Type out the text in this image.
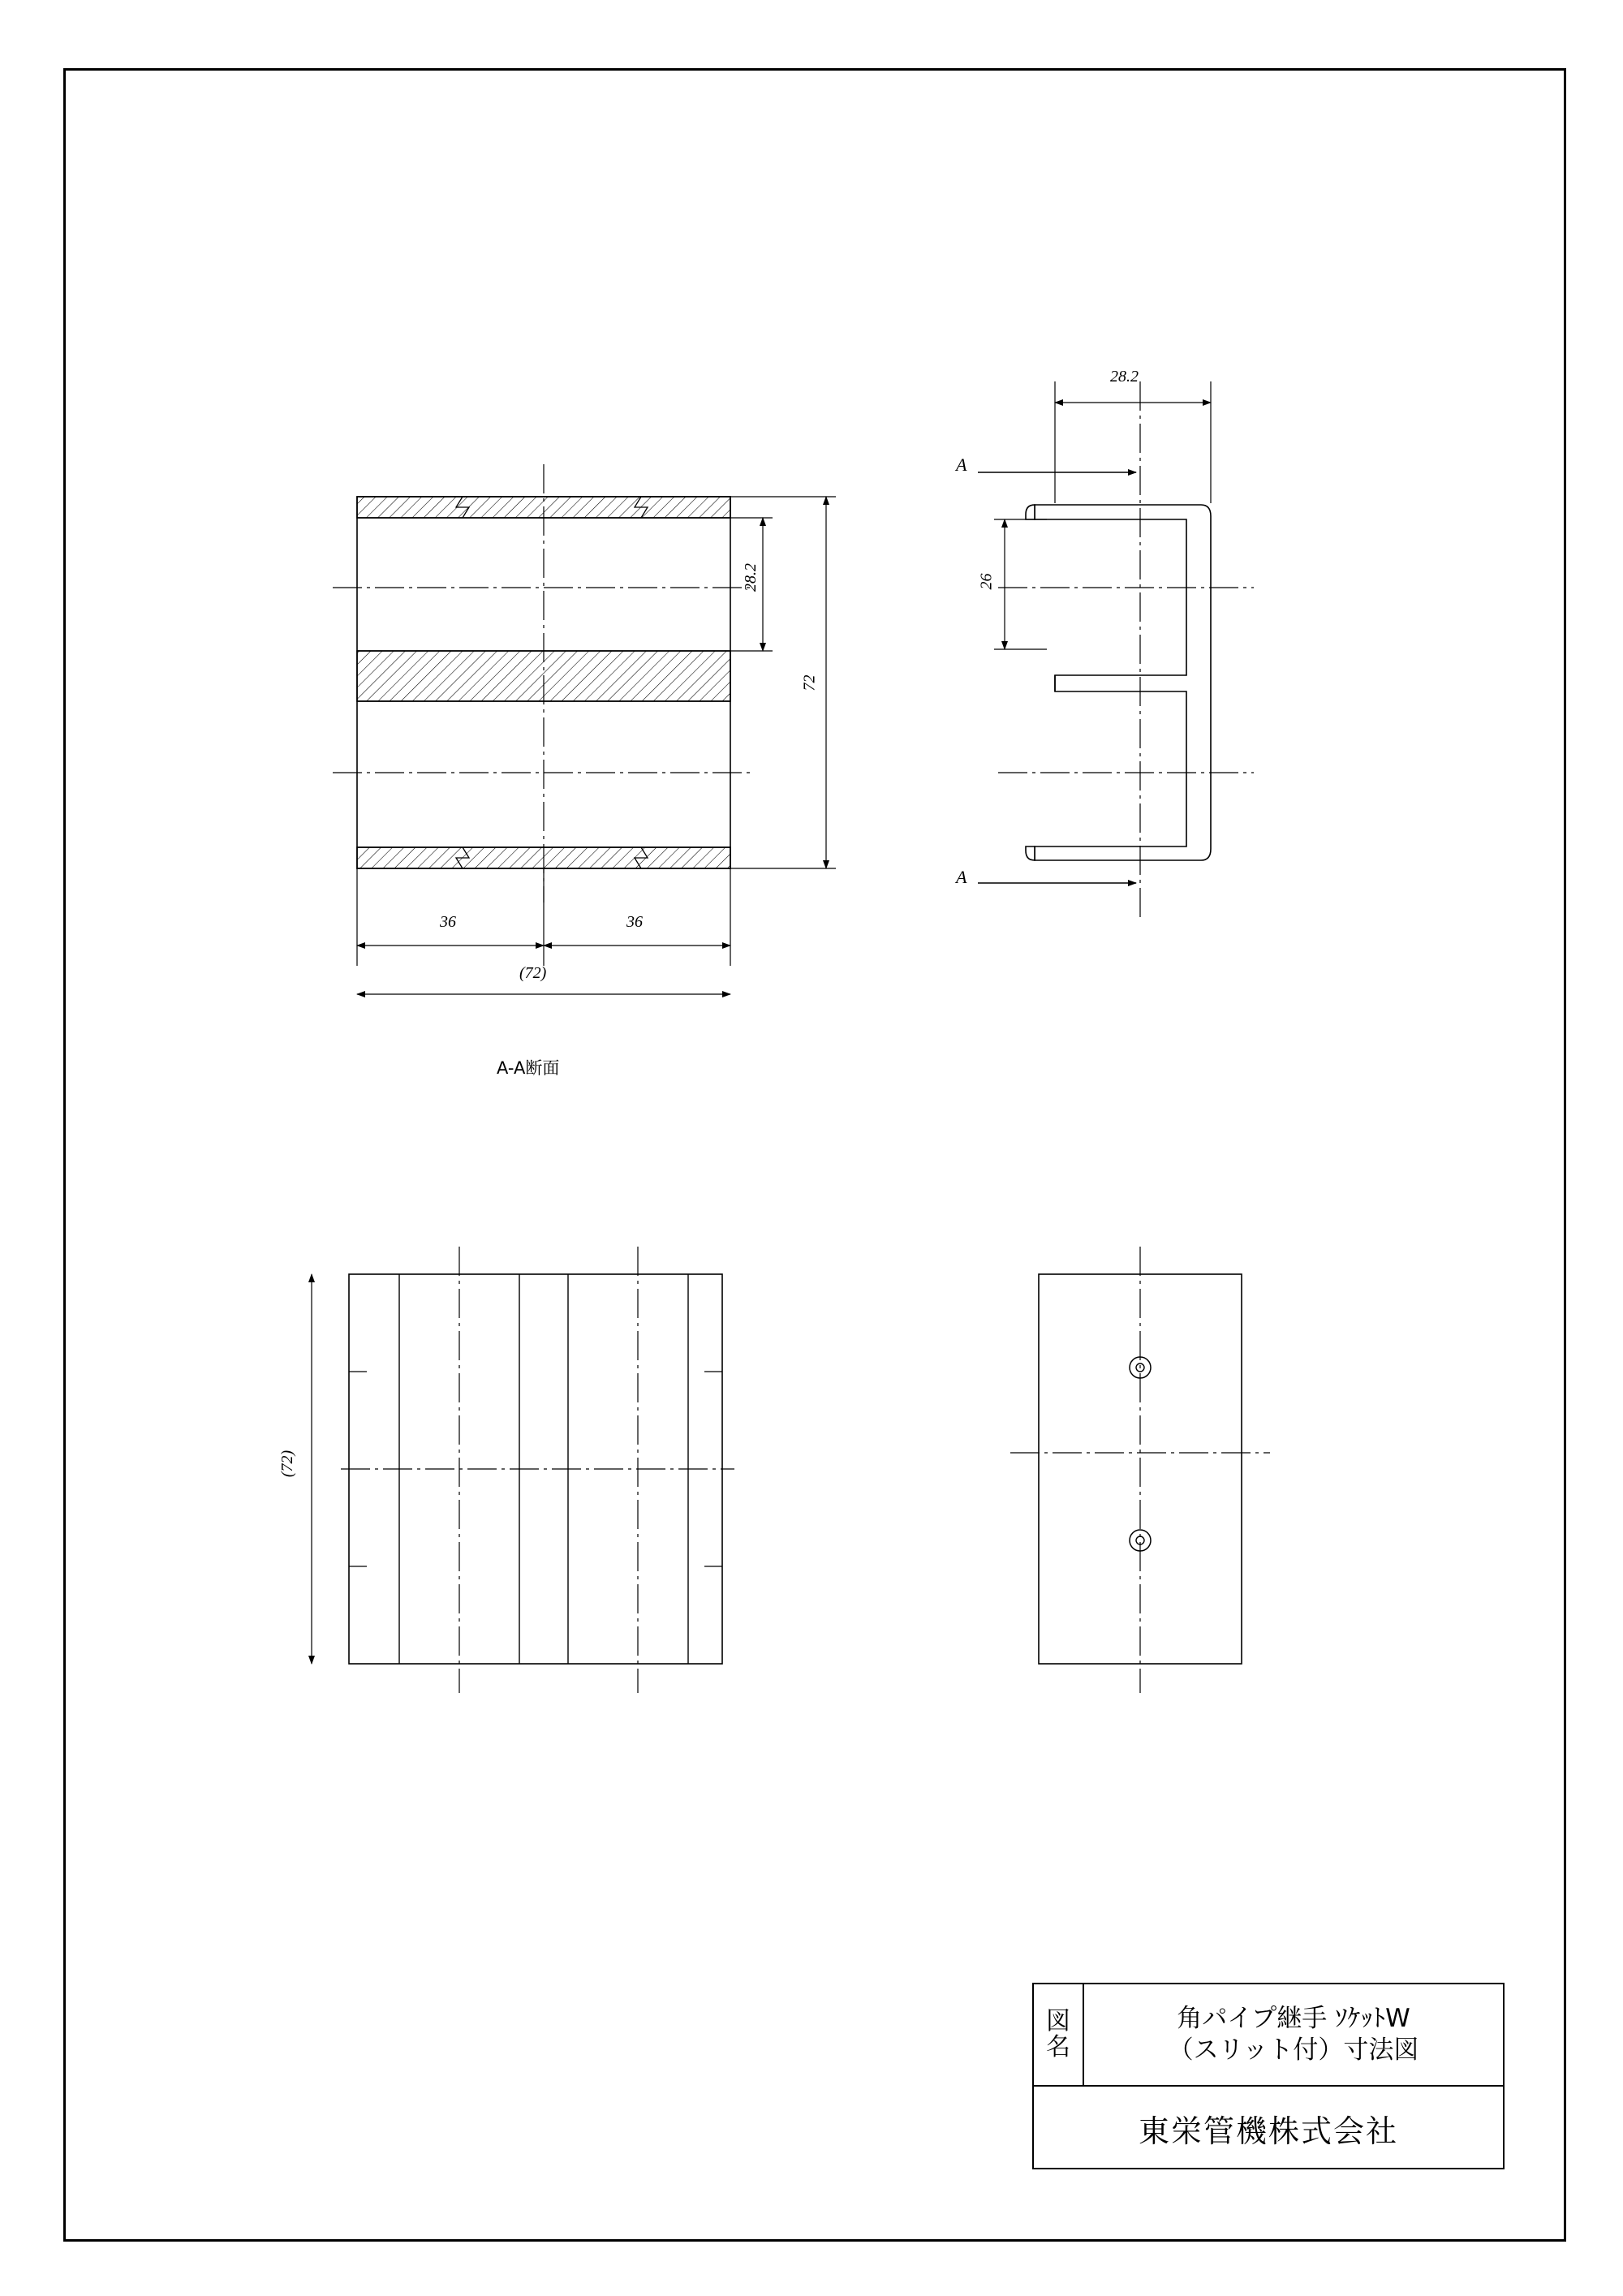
28.2
72
36	36
(72)
28.2
26
(72)
A
A
A-A断面
図
名
角パイプ継手 ｿｹｯﾄW
（スリット付）寸法図
東栄管機株式会社
